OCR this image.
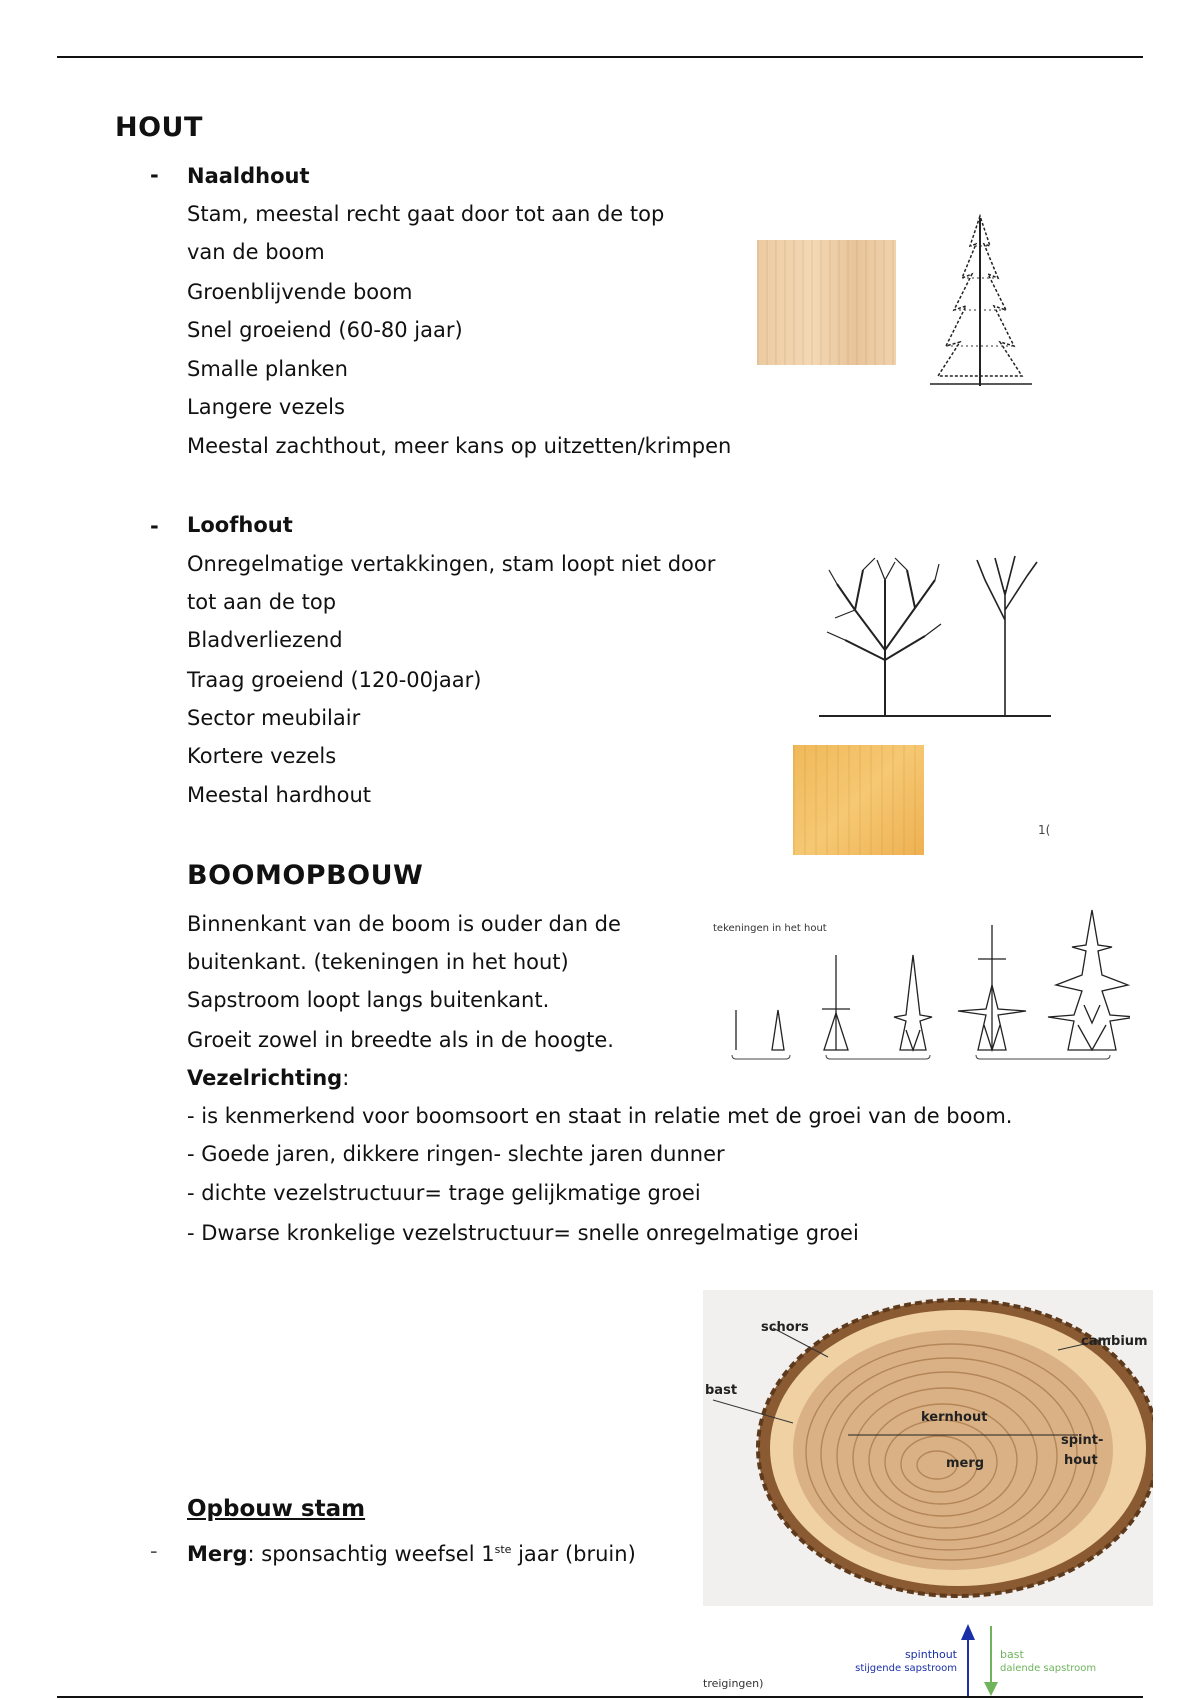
HOUT
- Naaldhout
Stam, meestal recht gaat door tot aan de top
van de boom
Groenblijvende boom
Snel groeiend (60-80 jaar)
Smalle planken
Langere vezels
Meestal zachthout, meer kans op uitzetten/krimpen
- Loofhout
Onregelmatige vertakkingen, stam loopt niet door
tot aan de top
Bladverliezend
Traag groeiend (120-00jaar)
Sector meubilair
Kortere vezels
Meestal hardhout
1(
BOOMOPBOUW
Binnenkant van de boom is ouder dan de
buitenkant. (tekeningen in het hout)
Sapstroom loopt langs buitenkant.
Groeit zowel in breedte als in de hoogte.
Vezelrichting:
- is kenmerkend voor boomsoort en staat in relatie met de groei van de boom.
- Goede jaren, dikkere ringen- slechte jaren dunner
- dichte vezelstructuur= trage gelijkmatige groei
- Dwarse kronkelige vezelstructuur= snelle onregelmatige groei
tekeningen in het hout
schors
cambium
bast
kernhout
spint-
hout
merg
Opbouw stam
- Merg: sponsachtig weefsel 1ste jaar (bruin)
spinthout
stijgende sapstroom
bast
dalende sapstroom
treigingen)
